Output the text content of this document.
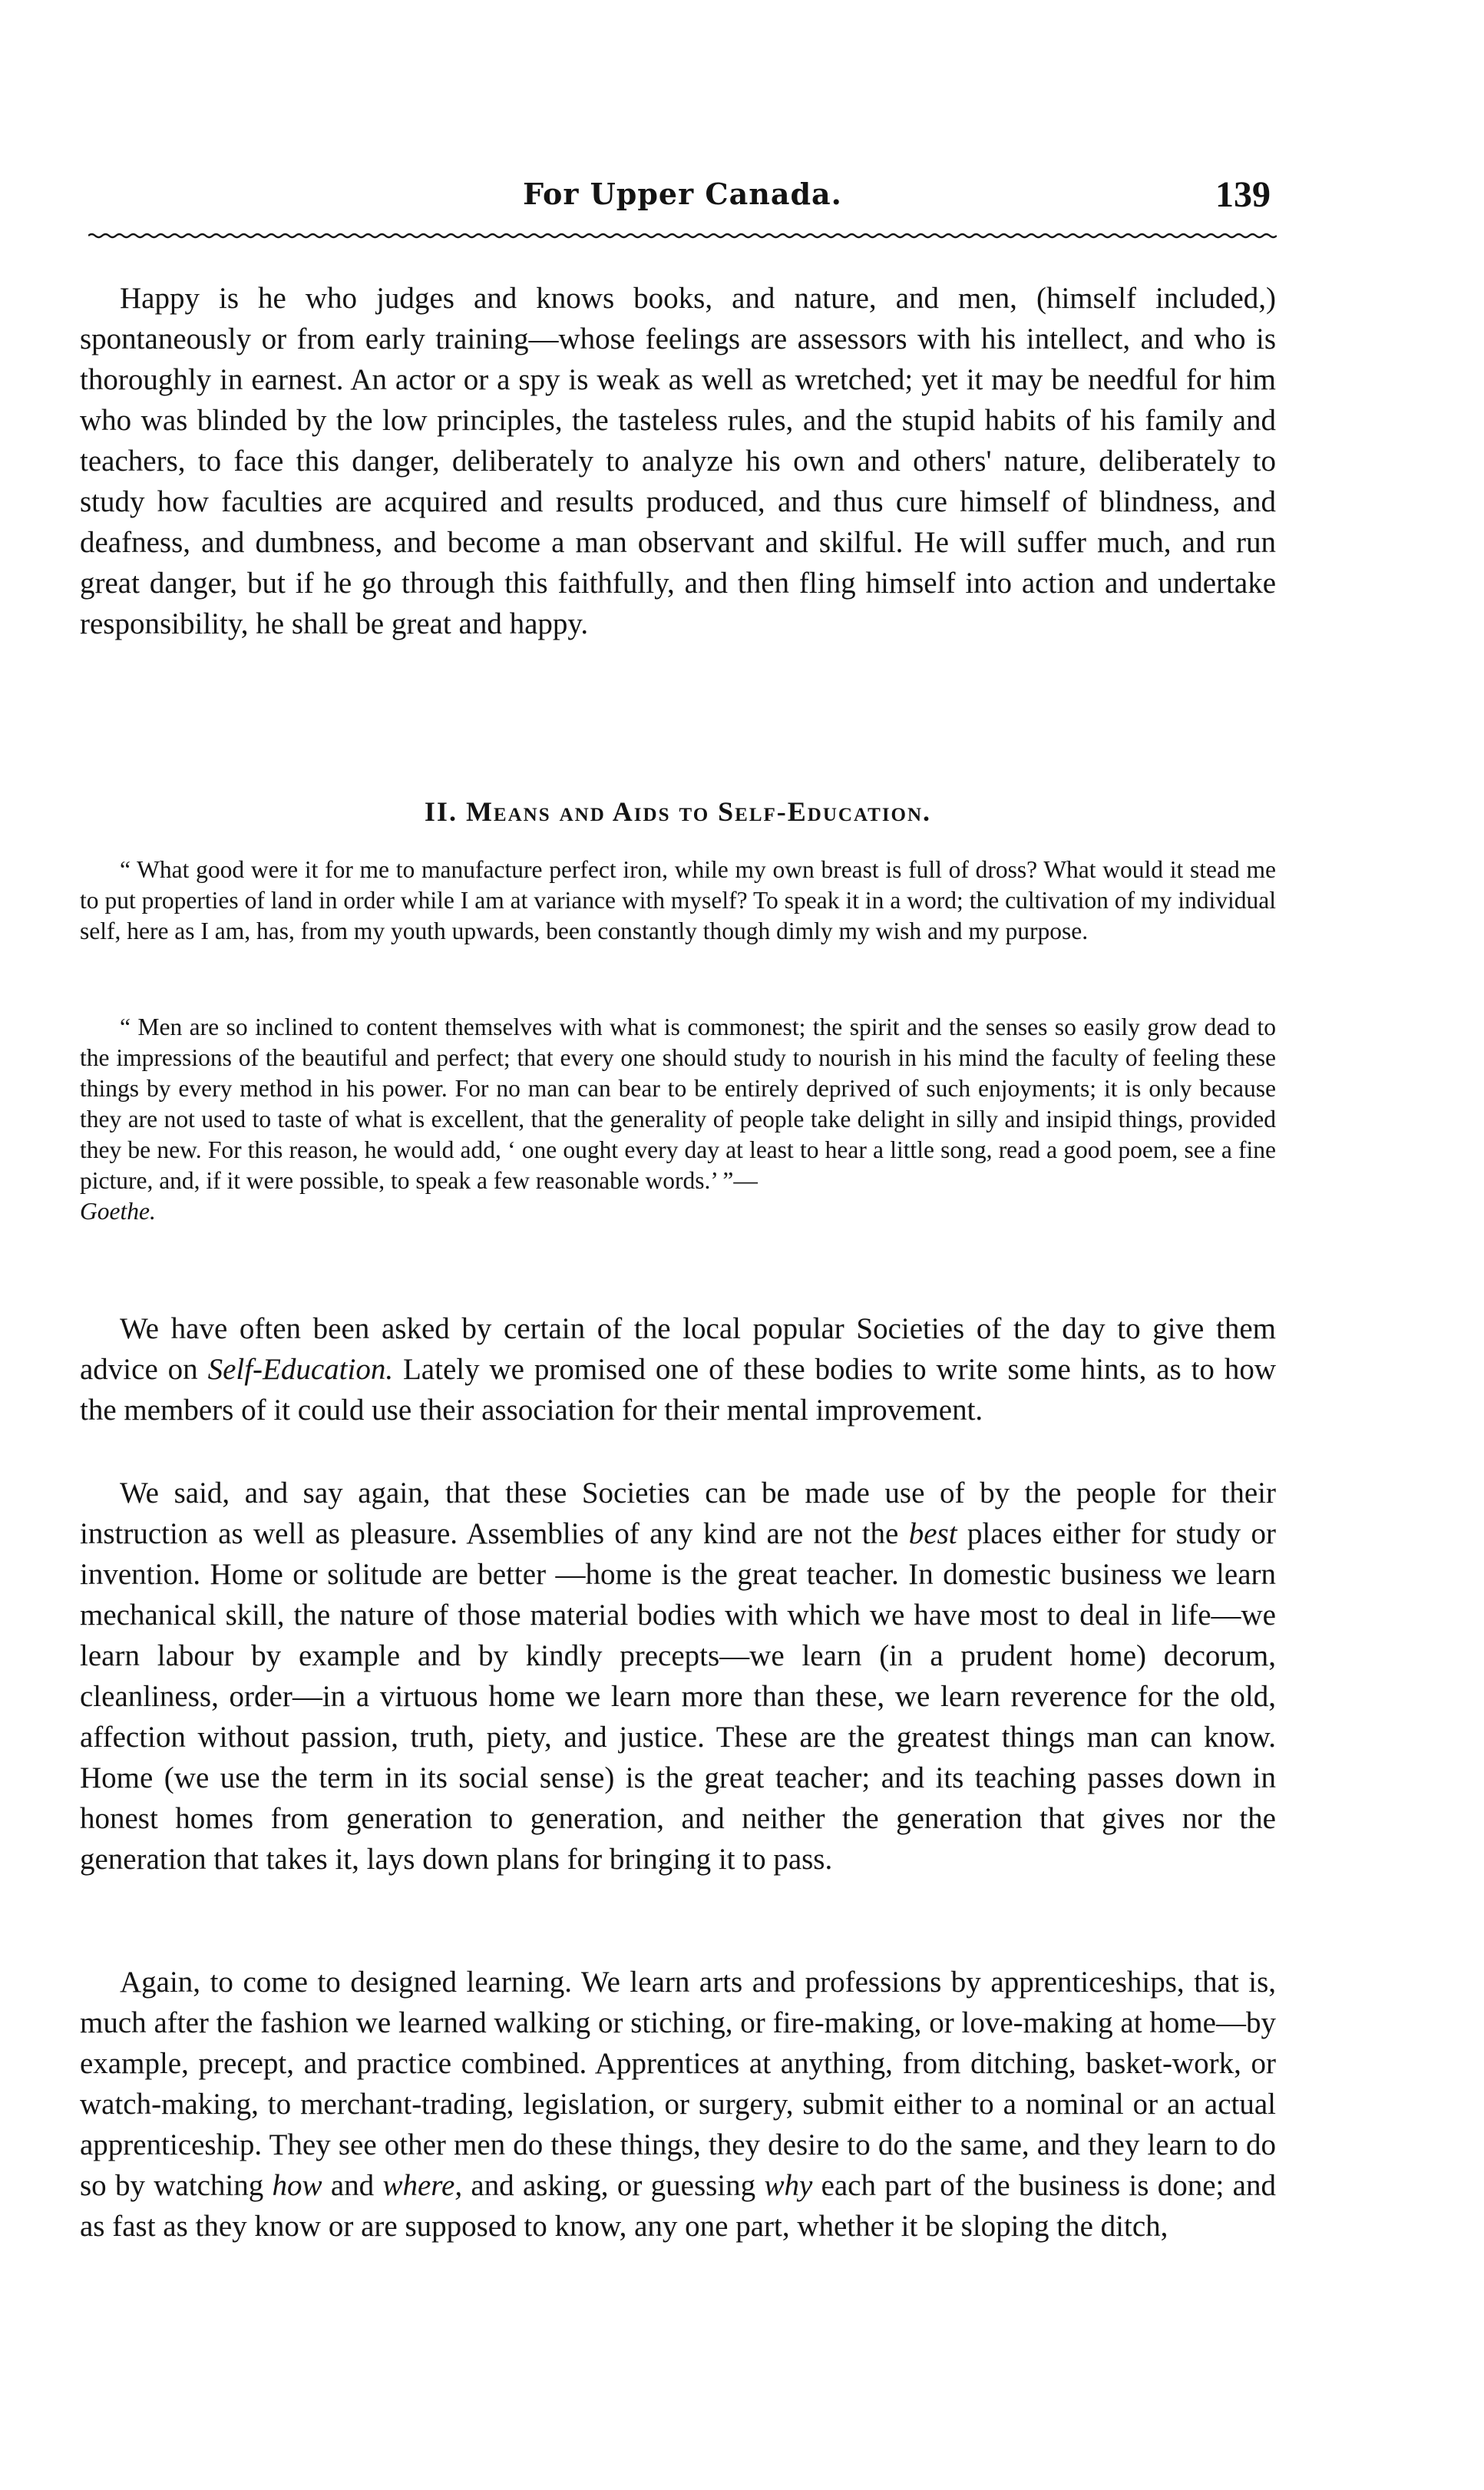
For Upper Canada.	139

Happy is he who judges and knows books, and nature, and men, (himself included,) spontaneously or from early training—whose feelings are assessors with his intellect, and who is thoroughly in earnest. An actor or a spy is weak as well as wretched; yet it may be needful for him who was blinded by the low principles, the tasteless rules, and the stupid habits of his family and teachers, to face this danger, deliberately to analyze his own and others' nature, deliberately to study how faculties are acquired and results produced, and thus cure himself of blindness, and deafness, and dumbness, and become a man observant and skilful. He will suffer much, and run great danger, but if he go through this faithfully, and then fling himself into action and undertake responsibility, he shall be great and happy.

II. Means and Aids to Self-Education.

“ What good were it for me to manufacture perfect iron, while my own breast is full of dross? What would it stead me to put properties of land in order while I am at variance with myself? To speak it in a word; the cultivation of my individual self, here as I am, has, from my youth upwards, been constantly though dimly my wish and my purpose.

“ Men are so inclined to content themselves with what is commonest; the spirit and the senses so easily grow dead to the impressions of the beautiful and perfect; that every one should study to nourish in his mind the faculty of feeling these things by every method in his power. For no man can bear to be entirely deprived of such enjoyments; it is only because they are not used to taste of what is excellent, that the generality of people take delight in silly and insipid things, provided they be new. For this reason, he would add, ‘ one ought every day at least to hear a little song, read a good poem, see a fine picture, and, if it were possible, to speak a few reasonable words.’ ”—
Goethe.

We have often been asked by certain of the local popular Societies of the day to give them advice on Self-Education. Lately we promised one of these bodies to write some hints, as to how the members of it could use their association for their mental improvement.

We said, and say again, that these Societies can be made use of by the people for their instruction as well as pleasure. Assemblies of any kind are not the best places either for study or invention. Home or solitude are better —home is the great teacher. In domestic business we learn mechanical skill, the nature of those material bodies with which we have most to deal in life—we learn labour by example and by kindly precepts—we learn (in a prudent home) decorum, cleanliness, order—in a virtuous home we learn more than these, we learn reverence for the old, affection without passion, truth, piety, and justice. These are the greatest things man can know. Home (we use the term in its social sense) is the great teacher; and its teaching passes down in honest homes from generation to generation, and neither the generation that gives nor the generation that takes it, lays down plans for bringing it to pass.

Again, to come to designed learning. We learn arts and professions by apprenticeships, that is, much after the fashion we learned walking or stiching, or fire-making, or love-making at home—by example, precept, and practice combined. Apprentices at anything, from ditching, basket-work, or watch-making, to merchant-trading, legislation, or surgery, submit either to a nominal or an actual apprenticeship. They see other men do these things, they desire to do the same, and they learn to do so by watching how and where, and asking, or guessing why each part of the business is done; and as fast as they know or are supposed to know, any one part, whether it be sloping the ditch,
